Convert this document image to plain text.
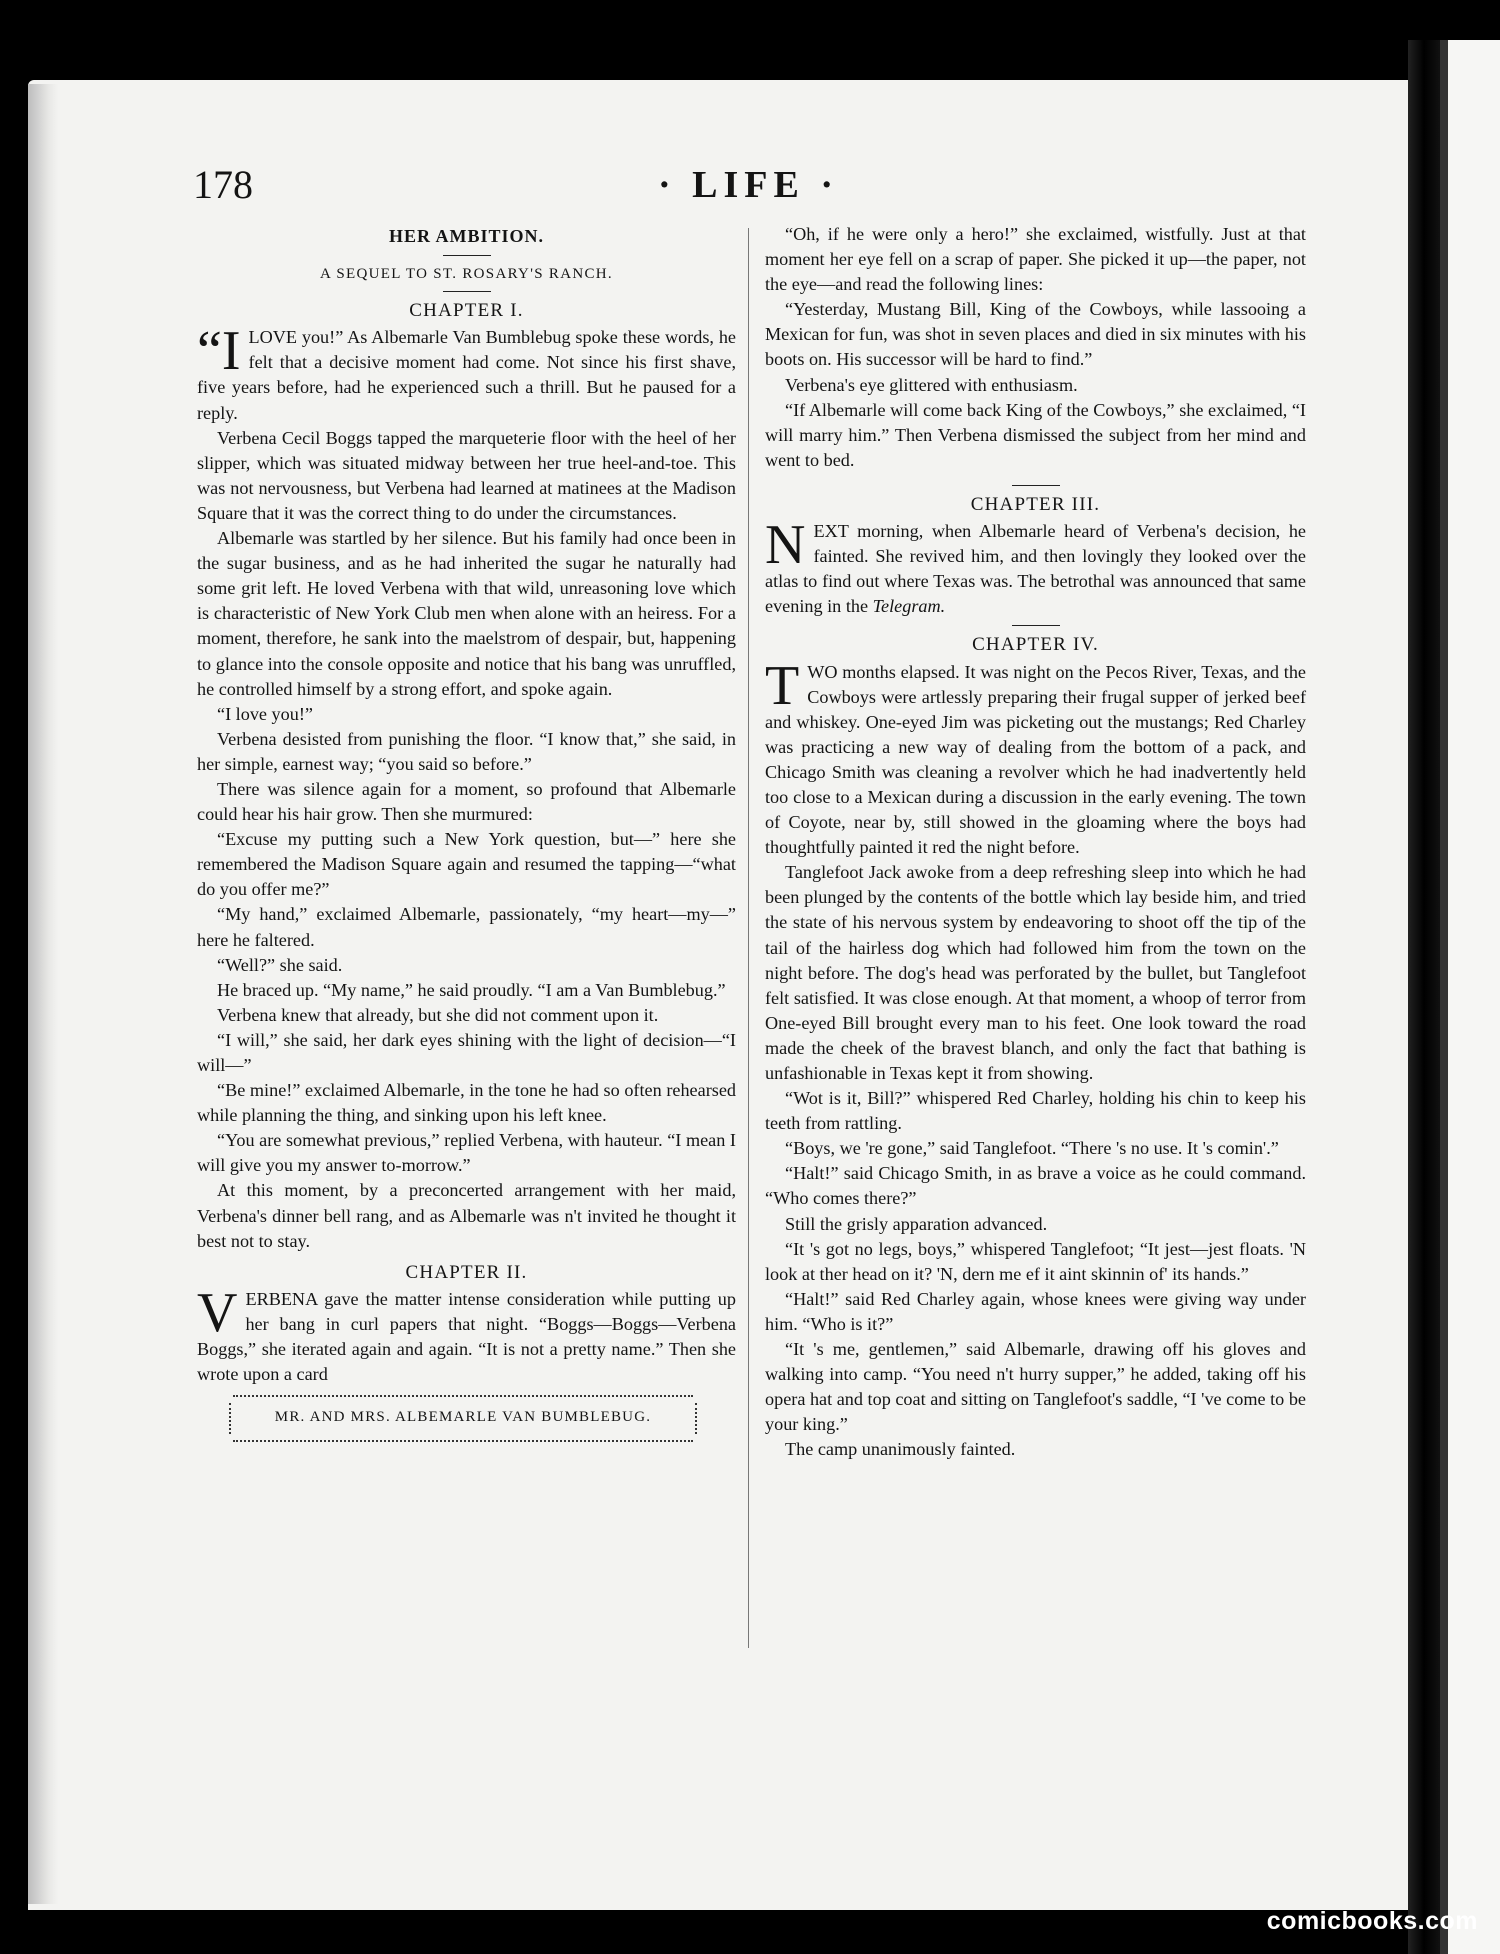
178	· LIFE ·
HER AMBITION.
A SEQUEL TO ST. ROSARY'S RANCH.
CHAPTER I.

“ILOVE you!” As Albemarle Van Bumblebug spoke these words, he felt that a decisive moment had come. Not since his first shave, five years before, had he experienced such a thrill. But he paused for a reply.

Verbena Cecil Boggs tapped the marqueterie floor with the heel of her slipper, which was situated midway between her true heel-and-toe. This was not nervousness, but Verbena had learned at matinees at the Madison Square that it was the correct thing to do under the circumstances.

Albemarle was startled by her silence. But his family had once been in the sugar business, and as he had inherited the sugar he naturally had some grit left. He loved Verbena with that wild, unreasoning love which is characteristic of New York Club men when alone with an heiress. For a moment, therefore, he sank into the maelstrom of despair, but, happening to glance into the console opposite and notice that his bang was unruffled, he controlled himself by a strong effort, and spoke again.

“I love you!”

Verbena desisted from punishing the floor. “I know that,” she said, in her simple, earnest way; “you said so before.”

There was silence again for a moment, so profound that Albemarle could hear his hair grow. Then she murmured:

“Excuse my putting such a New York question, but—” here she remembered the Madison Square again and resumed the tapping—“what do you offer me?”

“My hand,” exclaimed Albemarle, passionately, “my heart—my—” here he faltered.

“Well?” she said.

He braced up. “My name,” he said proudly. “I am a Van Bumblebug.”

Verbena knew that already, but she did not comment upon it.

“I will,” she said, her dark eyes shining with the light of decision—“I will—”

“Be mine!” exclaimed Albemarle, in the tone he had so often rehearsed while planning the thing, and sinking upon his left knee.

“You are somewhat previous,” replied Verbena, with hauteur. “I mean I will give you my answer to-morrow.”

At this moment, by a preconcerted arrangement with her maid, Verbena's dinner bell rang, and as Albemarle was n't invited he thought it best not to stay.

CHAPTER II.

VERBENA gave the matter intense consideration while putting up her bang in curl papers that night. “Boggs—Boggs—Verbena Boggs,” she iterated again and again. “It is not a pretty name.” Then she wrote upon a card

MR. AND MRS. ALBEMARLE VAN BUMBLEBUG.

“Oh, if he were only a hero!” she exclaimed, wistfully. Just at that moment her eye fell on a scrap of paper. She picked it up—the paper, not the eye—and read the following lines:

“Yesterday, Mustang Bill, King of the Cowboys, while lassooing a Mexican for fun, was shot in seven places and died in six minutes with his boots on. His successor will be hard to find.”

Verbena's eye glittered with enthusiasm.

“If Albemarle will come back King of the Cowboys,” she exclaimed, “I will marry him.” Then Verbena dismissed the subject from her mind and went to bed.

CHAPTER III.

NEXT morning, when Albemarle heard of Verbena's decision, he fainted. She revived him, and then lovingly they looked over the atlas to find out where Texas was. The betrothal was announced that same evening in the Telegram.

CHAPTER IV.

TWO months elapsed. It was night on the Pecos River, Texas, and the Cowboys were artlessly preparing their frugal supper of jerked beef and whiskey. One-eyed Jim was picketing out the mustangs; Red Charley was practicing a new way of dealing from the bottom of a pack, and Chicago Smith was cleaning a revolver which he had inadvertently held too close to a Mexican during a discussion in the early evening. The town of Coyote, near by, still showed in the gloaming where the boys had thoughtfully painted it red the night before.

Tanglefoot Jack awoke from a deep refreshing sleep into which he had been plunged by the contents of the bottle which lay beside him, and tried the state of his nervous system by endeavoring to shoot off the tip of the tail of the hairless dog which had followed him from the town on the night before. The dog's head was perforated by the bullet, but Tanglefoot felt satisfied. It was close enough. At that moment, a whoop of terror from One-eyed Bill brought every man to his feet. One look toward the road made the cheek of the bravest blanch, and only the fact that bathing is unfashionable in Texas kept it from showing.

“Wot is it, Bill?” whispered Red Charley, holding his chin to keep his teeth from rattling.

“Boys, we 're gone,” said Tanglefoot. “There 's no use. It 's comin'.”

“Halt!” said Chicago Smith, in as brave a voice as he could command. “Who comes there?”

Still the grisly apparation advanced.

“It 's got no legs, boys,” whispered Tanglefoot; “It jest—jest floats. 'N look at ther head on it? 'N, dern me ef it aint skinnin of' its hands.”

“Halt!” said Red Charley again, whose knees were giving way under him. “Who is it?”

“It 's me, gentlemen,” said Albemarle, drawing off his gloves and walking into camp. “You need n't hurry supper,” he added, taking off his opera hat and top coat and sitting on Tanglefoot's saddle, “I 've come to be your king.”

The camp unanimously fainted.

comicbooks.com
